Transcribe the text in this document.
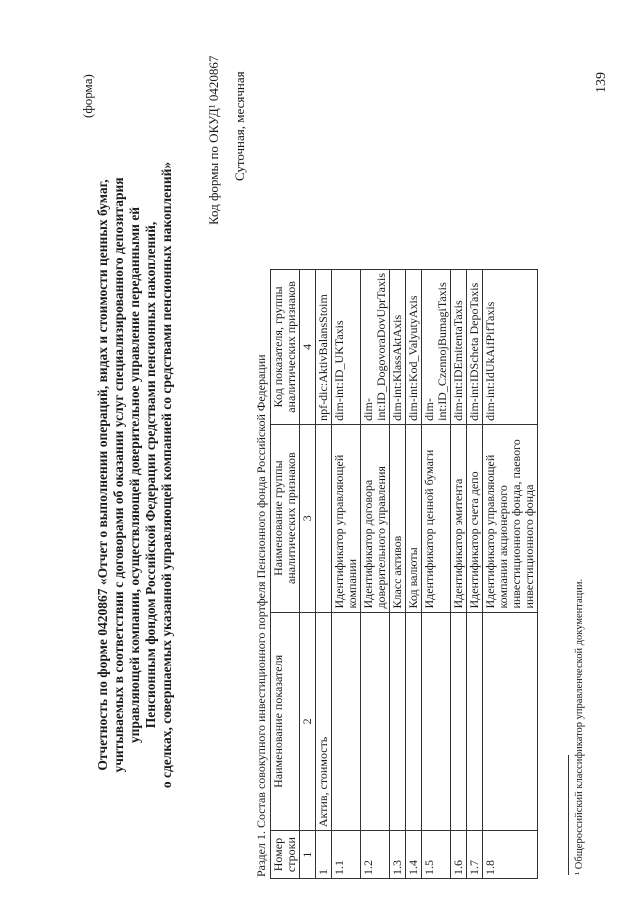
(форма)
Отчетность по форме 0420867 «Отчет о выполнении операций, видах и стоимости ценных бумаг, учитываемых в соответствии с договорами об оказании услуг специализированного депозитария управляющей компании, осуществляющей доверительное управление переданными ей Пенсионным фондом Российской Федерации средствами пенсионных накоплений, о сделках, совершаемых указанной управляющей компанией со средствами пенсионных накоплений»
Код формы по ОКУД¹ 0420867 Суточная, месячная
Раздел 1. Состав совокупного инвестиционного портфеля Пенсионного фонда Российской Федерации Номер строки	Наименование показателя	Наименование группы аналитических признаков	Код показателя, группы аналитических признаков
1	2	3	4
1	Актив, стоимость		npf-dic:AktivBalansStoim
1.1		Идентификатор управляющей компании	dim-int:ID_UKTaxis
1.2		Идентификатор договора доверительного управления	dim-int:ID_DogovoraDovUprTaxis
1.3		Класс активов	dim-int:KlassAktAxis
1.4		Код валюты	dim-int:Kod_ValyutyAxis
1.5		Идентификатор ценной бумаги	dim-int:ID_CzennojBumagiTaxis
1.6		Идентификатор эмитента	dim-int:IDEmitentaTaxis
1.7		Идентификатор счета депо	dim-int:IDScheta DepoTaxis
1.8		Идентификатор управляющей компании акционерного инвестиционного фонда, паевого инвестиционного фонда	dim-int:IdUkAifPifTaxis
¹ Общероссийский классификатор управленческой документации.
139
